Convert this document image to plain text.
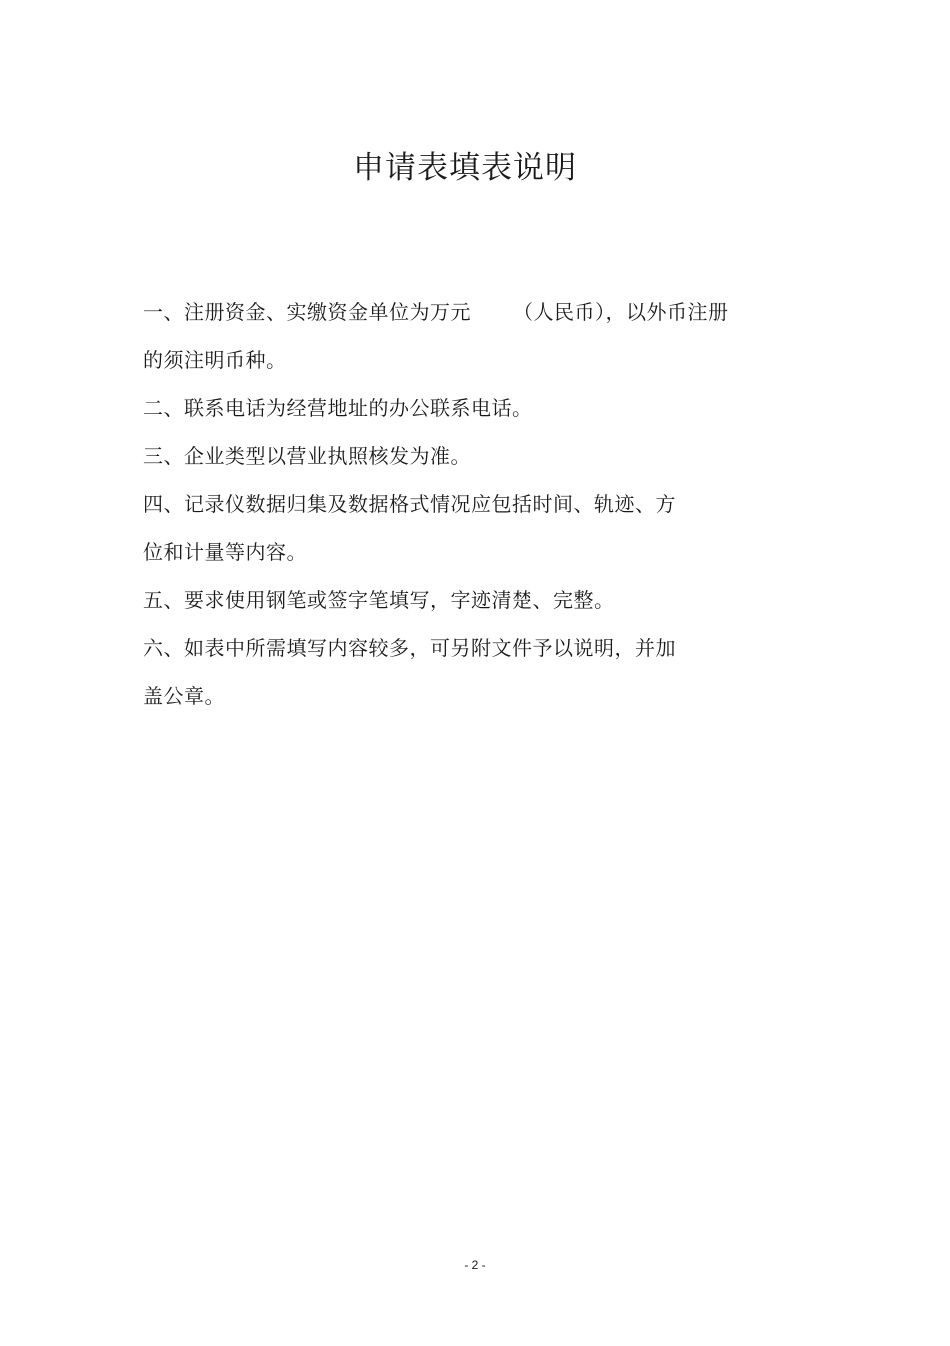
申请表填表说明
一、注册资金、实缴资金单位为万元 （人民币），以外币注册
的须注明币种。
二、联系电话为经营地址的办公联系电话。
三、企业类型以营业执照核发为准。
四、记录仪数据归集及数据格式情况应包括时间、轨迹、方
位和计量等内容。
五、要求使用钢笔或签字笔填写，字迹清楚、完整。
六、如表中所需填写内容较多，可另附文件予以说明，并加
盖公章。
- 2 -
